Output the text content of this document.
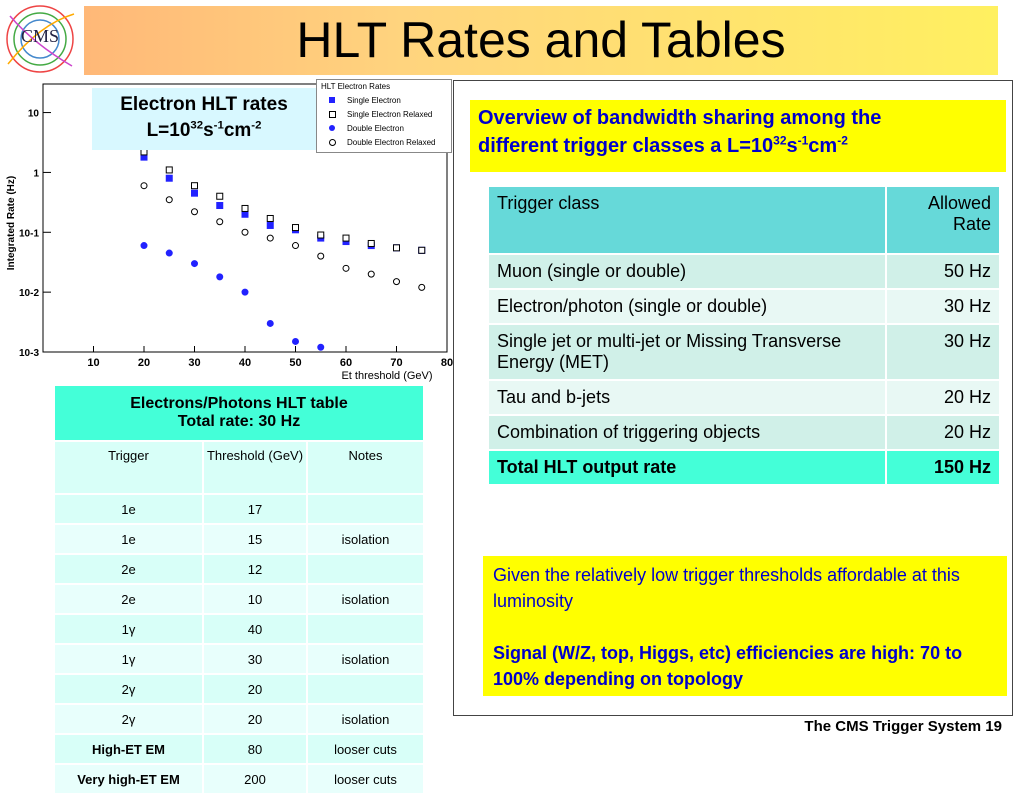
CMS	HLT Rates and Tables
Integrated Rate (Hz)
Et threshold (GeV)
10	20	30	40	50	60	70	80
10
1
10-1
10-2
10-3
Electron HLT rates
$L=10^{32}s^{-1}cm^{-2}$
HLT Electron Rates
Single Electron
Single Electron Relaxed
Double Electron
Double Electron Relaxed
Electrons/Photons HLT table
Total rate: 30 Hz		

Trigger	Threshold (GeV)	Notes
1e	17	
1e	15	isolation
2e	12	
2e	10	isolation
1γ	40	
1γ	30	isolation
2γ	20	
2γ	20	isolation
High-ET EM	80	looser cuts
Very high-ET EM	200	looser cuts
Overview of bandwidth sharing among the
different trigger classes a $L=10^{32}s^{-1}cm^{-2}$
Trigger class	Allowed Rate
Muon (single or double)	50 Hz
Electron/photon (single or double)	30 Hz
Single jet or multi-jet or Missing Transverse Energy (MET)	30 Hz
Tau and b-jets	20 Hz
Combination of triggering objects	20 Hz
Total HLT output rate	150 Hz
Given the relatively low trigger thresholds affordable at this luminosity
Signal (W/Z, top, Higgs, etc) efficiencies are high: 70 to 100% depending on topology
The CMS Trigger System 19
